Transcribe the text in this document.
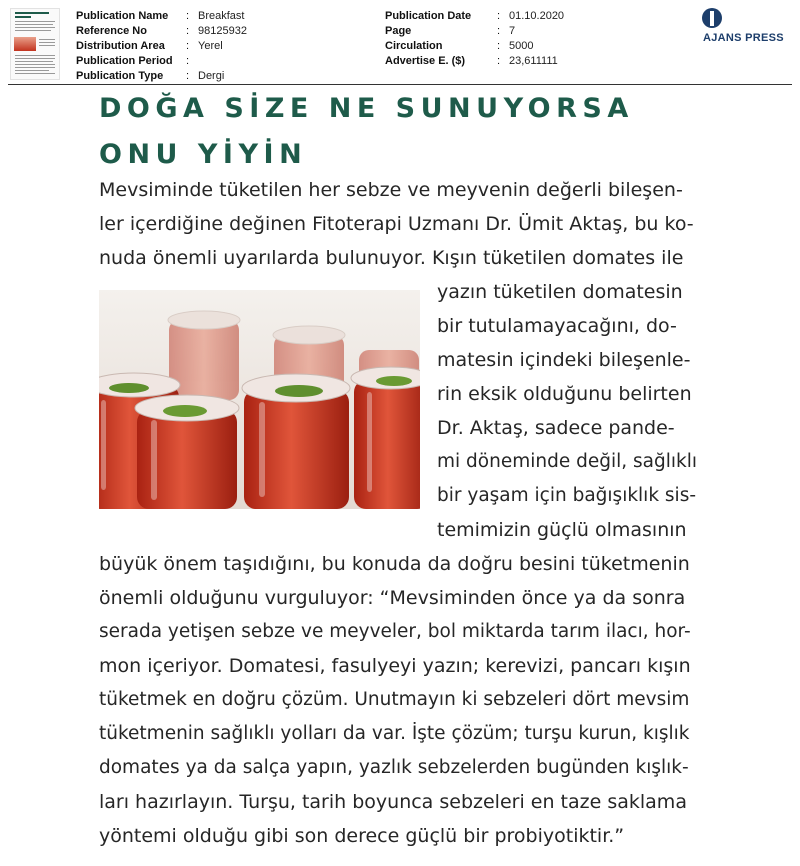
Publication Name	: Breakfast
Reference No	: 98125932
Distribution Area	: Yerel
Publication Period	:
Publication Type	: Dergi
Publication Date	: 01.10.2020
Page	: 7
Circulation	: 5000
Advertise E. ($)	: 23,611111
AJANS PRESS
DOĞA SİZE NE SUNUYORSA
ONU YİYİN
Mevsiminde tüketilen her sebze ve meyvenin değerli bileşen-
ler içerdiğine değinen Fitoterapi Uzmanı Dr. Ümit Aktaş, bu ko-
nuda önemli uyarılarda bulunuyor. Kışın tüketilen domates ile
yazın tüketilen domatesin
bir tutulamayacağını, do-
matesin içindeki bileşenle-
rin eksik olduğunu belirten
Dr. Aktaş, sadece pande-
mi döneminde değil, sağlıklı
bir yaşam için bağışıklık sis-
temimizin güçlü olmasının
büyük önem taşıdığını, bu konuda da doğru besini tüketmenin
önemli olduğunu vurguluyor: “Mevsiminden önce ya da sonra
serada yetişen sebze ve meyveler, bol miktarda tarım ilacı, hor-
mon içeriyor. Domatesi, fasulyeyi yazın; kerevizi, pancarı kışın
tüketmek en doğru çözüm. Unutmayın ki sebzeleri dört mevsim
tüketmenin sağlıklı yolları da var. İşte çözüm; turşu kurun, kışlık
domates ya da salça yapın, yazlık sebzelerden bugünden kışlık-
ları hazırlayın. Turşu, tarih boyunca sebzeleri en taze saklama
yöntemi olduğu gibi son derece güçlü bir probiyotiktir.”
